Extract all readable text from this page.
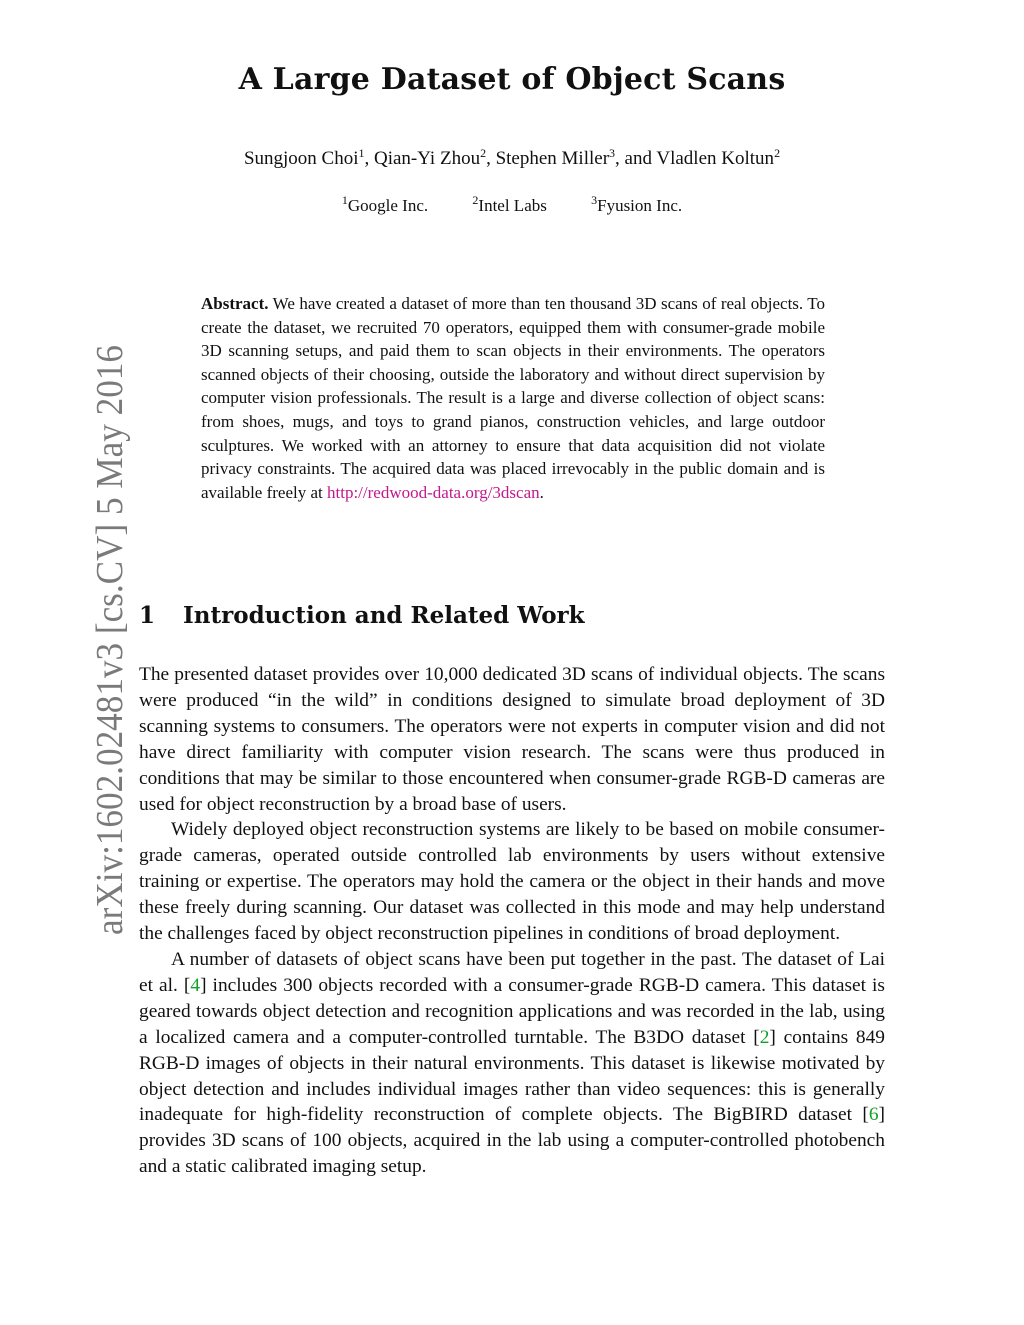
arXiv:1602.02481v3 [cs.CV] 5 May 2016
A Large Dataset of Object Scans
Sungjoon Choi$^1$, Qian-Yi Zhou$^2$, Stephen Miller$^3$, and Vladlen Koltun$^2$
$^1$Google Inc.	$^2$Intel Labs	$^3$Fyusion Inc.
Abstract. We have created a dataset of more than ten thousand 3D scans of real objects. To create the dataset, we recruited 70 operators, equipped them with consumer-grade mobile 3D scanning setups, and paid them to scan objects in their environments. The operators scanned objects of their choosing, outside the laboratory and without direct supervision by computer vision professionals. The result is a large and diverse collection of object scans: from shoes, mugs, and toys to grand pianos, construction vehicles, and large outdoor sculptures. We worked with an attorney to ensure that data acquisition did not violate privacy constraints. The acquired data was placed irrevocably in the public domain and is available freely at http://redwood-data.org/3dscan.
1 Introduction and Related Work

The presented dataset provides over 10,000 dedicated 3D scans of individual objects. The scans were produced “in the wild” in conditions designed to simulate broad deployment of 3D scanning systems to consumers. The operators were not experts in computer vision and did not have direct familiarity with computer vision research. The scans were thus produced in conditions that may be similar to those encountered when consumer-grade RGB-D cameras are used for object reconstruction by a broad base of users.

Widely deployed object reconstruction systems are likely to be based on mobile consumer-grade cameras, operated outside controlled lab environments by users without extensive training or expertise. The operators may hold the camera or the object in their hands and move these freely during scanning. Our dataset was collected in this mode and may help understand the challenges faced by object reconstruction pipelines in conditions of broad deployment.

A number of datasets of object scans have been put together in the past. The dataset of Lai et al. [4] includes 300 objects recorded with a consumer-grade RGB-D camera. This dataset is geared towards object detection and recognition applications and was recorded in the lab, using a localized camera and a computer-controlled turntable. The B3DO dataset [2] contains 849 RGB-D images of objects in their natural environments. This dataset is likewise motivated by object detection and includes individual images rather than video sequences: this is generally inadequate for high-fidelity reconstruction of complete objects. The BigBIRD dataset [6] provides 3D scans of 100 objects, acquired in the lab using a computer-controlled photobench and a static calibrated imaging setup.
